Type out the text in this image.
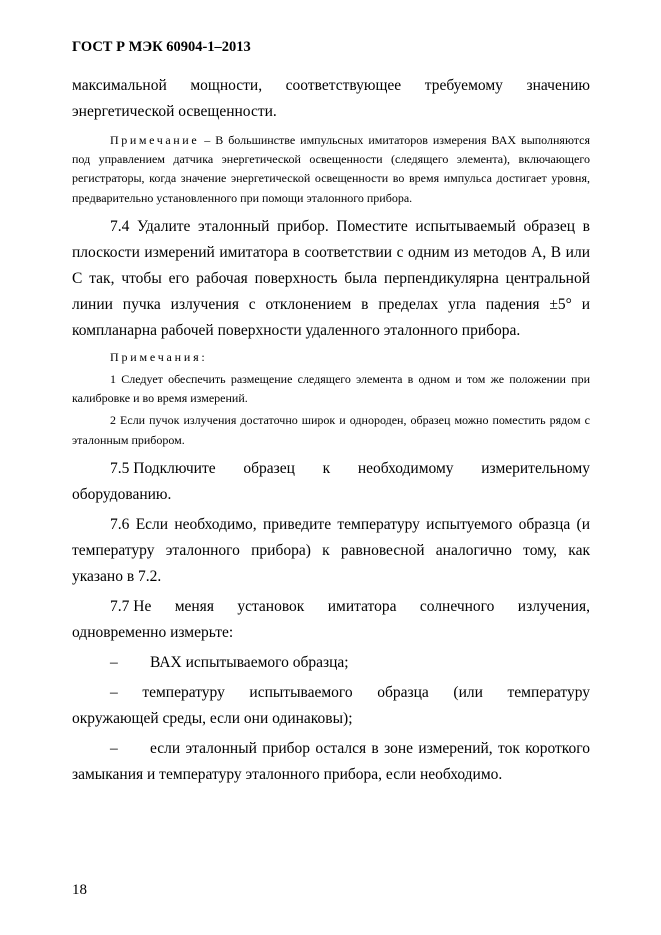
ГОСТ Р МЭК 60904-1–2013
максимальной мощности, соответствующее требуемому значению

энергетической освещенности.

Примечание – В большинстве импульсных имитаторов измерения ВАХ выполняются под управлением датчика энергетической освещенности (следящего элемента), включающего регистраторы, когда значение энергетической освещенности во время импульса достигает уровня, предварительно установленного при помощи эталонного прибора.

7.4 Удалите эталонный прибор. Поместите испытываемый образец в плоскости измерений имитатора в соответствии с одним из методов А, В или С так, чтобы его рабочая поверхность была перпендикулярна центральной линии пучка излучения с отклонением в пределах угла падения ±5° и компланарна рабочей поверхности удаленного эталонного прибора.

Примечания:

1 Следует обеспечить размещение следящего элемента в одном и том же положении при калибровке и во время измерений.

2 Если пучок излучения достаточно широк и однороден, образец можно поместить рядом с эталонным прибором.

7.5 Подключите образец к необходимому измерительному

оборудованию.

7.6 Если необходимо, приведите температуру испытуемого образца (и температуру эталонного прибора) к равновесной аналогично тому, как указано в 7.2.

7.7 Не меняя установок имитатора солнечного излучения,

одновременно измерьте:

– ВАХ испытываемого образца;

– температуру испытываемого образца (или температуру

окружающей среды, если они одинаковы);

– если эталонный прибор остался в зоне измерений, ток короткого замыкания и температуру эталонного прибора, если необходимо.

18
